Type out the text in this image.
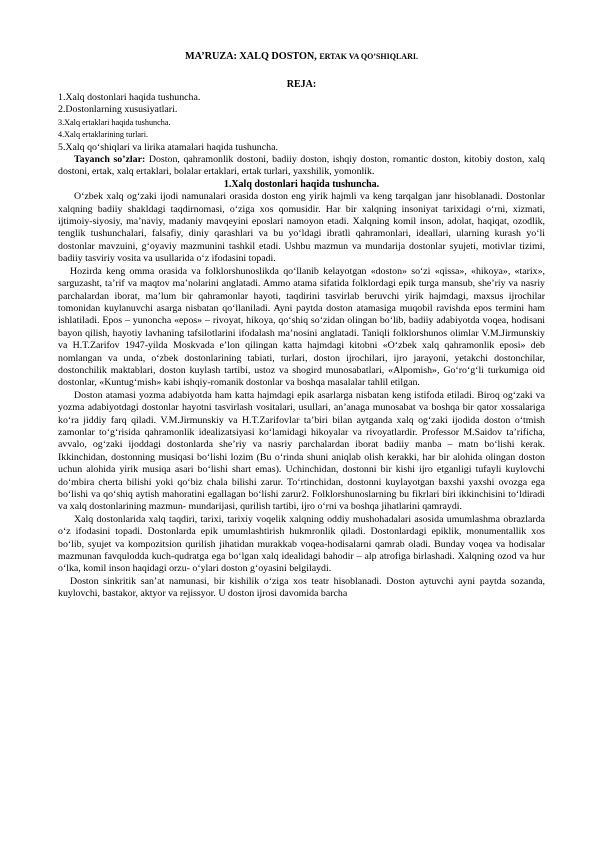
MA’RUZA: XALQ DOSTON, ERTAK VA QO’SHIQLARI.
REJA:
1.Xalq dostonlari haqida tushuncha.
2.Dostonlarning xususiyatlari.
3.Xalq ertaklari haqida tushuncha.
4.Xalq ertaklarining turlari.
5.Xalq qo‘shiqlari va lirika atamalari haqida tushuncha.

Tayanch so’zlar: Doston, qahramonlik dostoni, badiiy doston, ishqiy doston, romantic doston, kitobiy doston, xalq dostoni, ertak, xalq ertaklari, bolalar ertaklari, ertak turlari, yaxshilik, yomonlik.

1.Xalq dostonlari haqida tushuncha.

O‘zbek xalq og‘zaki ijodi namunalari orasida doston eng yirik hajmli va keng tarqalgan janr hisoblanadi. Dostonlar xalqning badiiy shakldagi taqdirnomasi, o‘ziga xos qomusidir. Har bir xalqning insoniyat tarixidagi o‘rni, xizmati, ijtimoiy-siyosiy, ma’naviy, madaniy mavqeyini eposlari namoyon etadi. Xalqning komil inson, adolat, haqiqat, ozodlik, tenglik tushunchalari, falsafiy, diniy qarashlari va bu yo‘ldagi ibratli qahramonlari, ideallari, ularning kurash yo‘li dostonlar mavzuini, g‘oyaviy mazmunini tashkil etadi. Ushbu mazmun va mundarija dostonlar syujeti, motivlar tizimi, badiiy tasviriy vosita va usullarida o‘z ifodasini topadi.

Hozirda keng omma orasida va folklorshunoslikda qo‘llanib kelayotgan «doston» so‘zi «qissa», «hikoya», «tarix», sarguzasht, ta’rif va maqtov ma’nolarini anglatadi. Ammo atama sifatida folklordagi epik turga mansub, she’riy va nasriy parchalardan iborat, ma’lum bir qahramonlar hayoti, taqdirini tasvirlab beruvchi yirik hajmdagi, maxsus ijrochilar tomonidan kuylanuvchi asarga nisbatan qo‘llaniladi. Ayni paytda doston atamasiga muqobil ravishda epos termini ham ishlatiladi. Epos – yunoncha «epos» – rivoyat, hikoya, qo‘shiq so‘zidan olingan bo‘lib, badiiy adabiyotda voqea, hodisani bayon qilish, hayotiy lavhaning tafsilotlarini ifodalash ma’nosini anglatadi. Taniqli folklorshunos olimlar V.M.Jirmunskiy va H.T.Zarifov 1947-yilda Moskvada e’lon qilingan katta hajmdagi kitobni «O‘zbek xalq qahramonlik eposi» deb nomlangan va unda, o‘zbek dostonlarining tabiati, turlari, doston ijrochilari, ijro jarayoni, yetakchi dostonchilar, dostonchilik maktablari, doston kuylash tartibi, ustoz va shogird munosabatlari, «Alpomish», Go‘ro‘g‘li turkumiga oid dostonlar, «Kuntug‘mish» kabi ishqiy-romanik dostonlar va boshqa masalalar tahlil etilgan.

Doston atamasi yozma adabiyotda ham katta hajmdagi epik asarlarga nisbatan keng istifoda etiladi. Biroq og‘zaki va yozma adabiyotdagi dostonlar hayotni tasvirlash vositalari, usullari, an’anaga munosabat va boshqa bir qator xossalariga ko‘ra jiddiy farq qiladi. V.M.Jirmunskiy va H.T.Zarifovlar ta’biri bilan aytganda xalq og‘zaki ijodida doston o‘tmish zamonlar to‘g‘risida qahramonlik idealizatsiyasi ko‘lamidagi hikoyalar va rivoyatlardir. Professor M.Saidov ta’rificha, avvalo, og‘zaki ijoddagi dostonlarda she’riy va nasriy parchalardan iborat badiiy manba – matn bo‘lishi kerak. Ikkinchidan, dostonning musiqasi bo‘lishi lozim (Bu o‘rinda shuni aniqlab olish kerakki, har bir alohida olingan doston uchun alohida yirik musiqa asari bo‘lishi shart emas). Uchinchidan, dostonni bir kishi ijro etganligi tufayli kuylovchi do‘mbira cherta bilishi yoki qo‘biz chala bilishi zarur. To‘rtinchidan, dostonni kuylayotgan baxshi yaxshi ovozga ega bo‘lishi va qo‘shiq aytish mahoratini egallagan bo‘lishi zarur2. Folklorshunoslarning bu fikrlari biri ikkinchisini to‘ldiradi va xalq dostonlarining mazmun- mundarijasi, qurilish tartibi, ijro o‘rni va boshqa jihatlarini qamraydi.

Xalq dostonlarida xalq taqdiri, tarixi, tarixiy voqelik xalqning oddiy mushohadalari asosida umumlashma obrazlarda o‘z ifodasini topadi. Dostonlarda epik umumlashtirish hukmronlik qiladi. Dostonlardagi epiklik, monumentallik xos bo‘lib, syujet va kompozitsion qurilish jihatidan murakkab voqea-hodisalarni qamrab oladi. Bunday voqea va hodisalar mazmunan favqulodda kuch-qudratga ega bo‘lgan xalq idealidagi bahodir – alp atrofiga birlashadi. Xalqning ozod va hur o‘lka, komil inson haqidagi orzu- o‘ylari doston g‘oyasini belgilaydi.

Doston sinkritik san’at namunasi, bir kishilik o‘ziga xos teatr hisoblanadi. Doston aytuvchi ayni paytda sozanda, kuylovchi, bastakor, aktyor va rejissyor. U doston ijrosi davomida barcha
